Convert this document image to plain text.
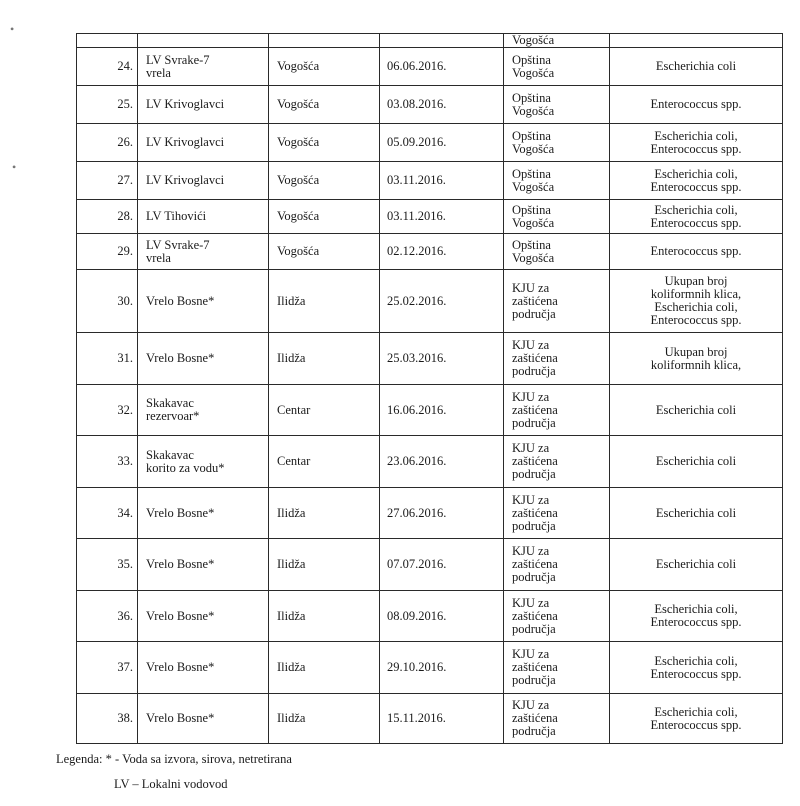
•
•
				Vogošća	
24.	LV Svrake-7
vrela	Vogošća	06.06.2016.	Opština
Vogošća	Escherichia coli
25.	LV Krivoglavci	Vogošća	03.08.2016.	Opština
Vogošća	Enterococcus spp.
26.	LV Krivoglavci	Vogošća	05.09.2016.	Opština
Vogošća	Escherichia coli,
Enterococcus spp.
27.	LV Krivoglavci	Vogošća	03.11.2016.	Opština
Vogošća	Escherichia coli,
Enterococcus spp.
28.	LV Tihovići	Vogošća	03.11.2016.	Opština
Vogošća	Escherichia coli,
Enterococcus spp.
29.	LV Svrake-7
vrela	Vogošća	02.12.2016.	Opština
Vogošća	Enterococcus spp.
30.	Vrelo Bosne*	Ilidža	25.02.2016.	KJU za
zaštićena
područja	Ukupan broj
koliformnih klica,
Escherichia coli,
Enterococcus spp.
31.	Vrelo Bosne*	Ilidža	25.03.2016.	KJU za
zaštićena
područja	Ukupan broj
koliformnih klica,
32.	Skakavac
rezervoar*	Centar	16.06.2016.	KJU za
zaštićena
područja	Escherichia coli
33.	Skakavac
korito za vodu*	Centar	23.06.2016.	KJU za
zaštićena
područja	Escherichia coli
34.	Vrelo Bosne*	Ilidža	27.06.2016.	KJU za
zaštićena
područja	Escherichia coli
35.	Vrelo Bosne*	Ilidža	07.07.2016.	KJU za
zaštićena
područja	Escherichia coli
36.	Vrelo Bosne*	Ilidža	08.09.2016.	KJU za
zaštićena
područja	Escherichia coli,
Enterococcus spp.
37.	Vrelo Bosne*	Ilidža	29.10.2016.	KJU za
zaštićena
područja	Escherichia coli,
Enterococcus spp.
38.	Vrelo Bosne*	Ilidža	15.11.2016.	KJU za
zaštićena
područja	Escherichia coli,
Enterococcus spp.
Legenda: * - Voda sa izvora, sirova, netretirana
LV – Lokalni vodovod
